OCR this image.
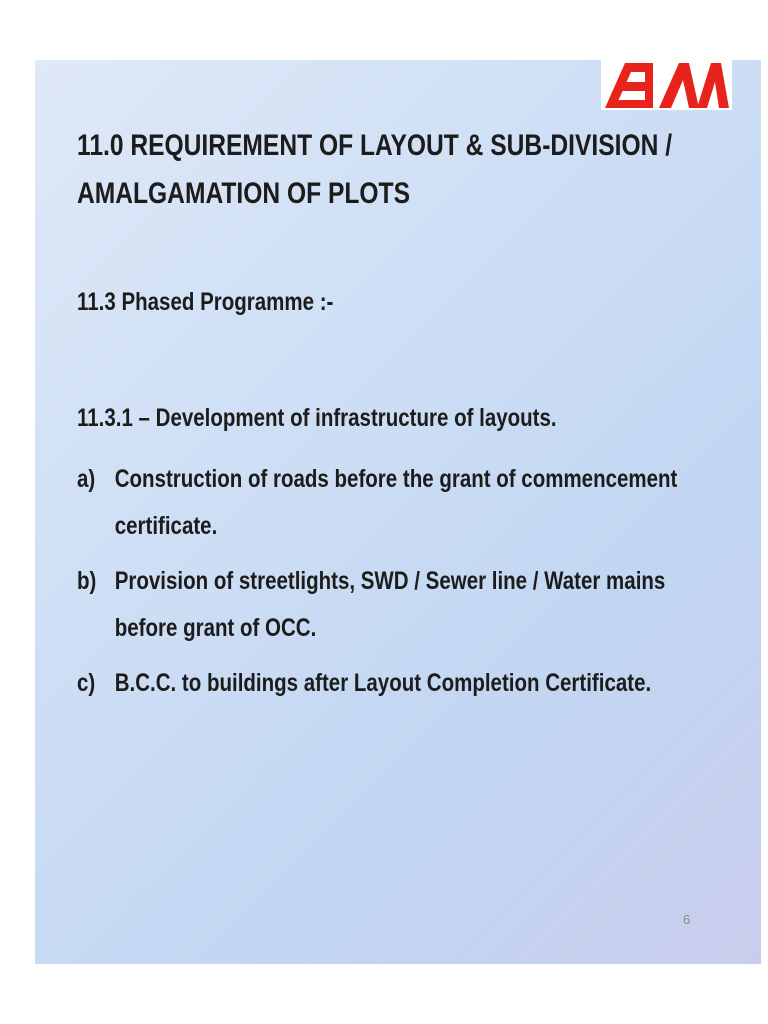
11.0 REQUIREMENT OF LAYOUT & SUB-DIVISION / AMALGAMATION OF PLOTS
11.3 Phased Programme :-
11.3.1 – Development of infrastructure of layouts.
a) Construction of roads before the grant of commencement certificate.
b) Provision of streetlights, SWD / Sewer line / Water mains before grant of OCC.
c) B.C.C. to buildings after Layout Completion Certificate.
6
